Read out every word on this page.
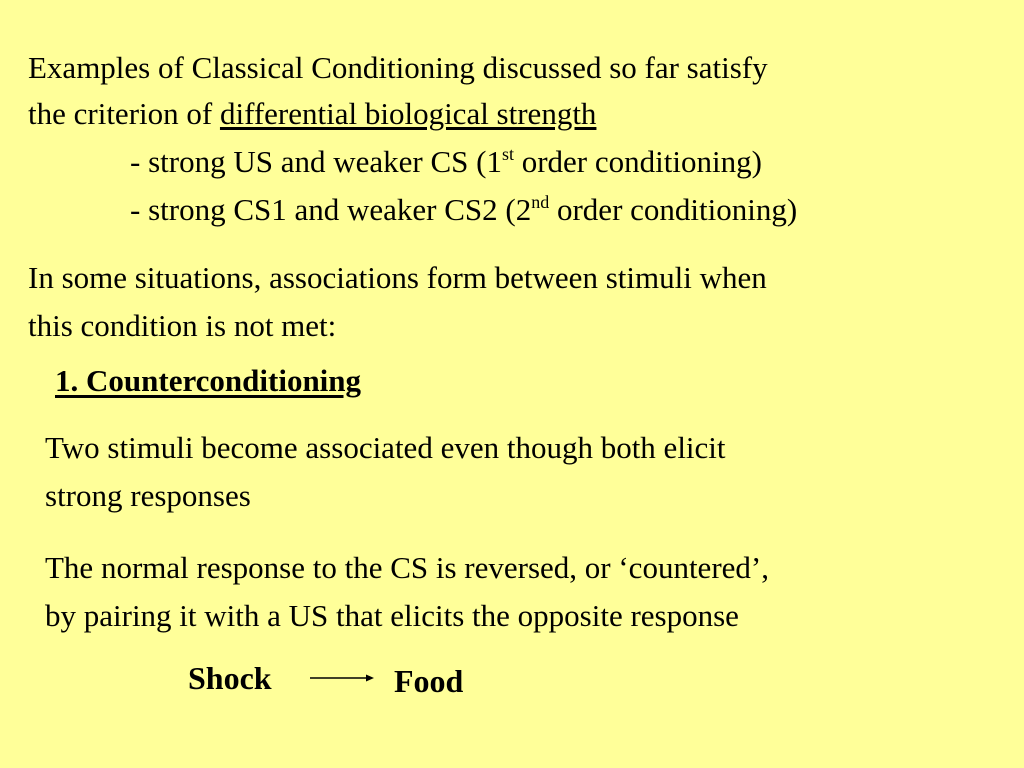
Examples of Classical Conditioning discussed so far satisfy
the criterion of differential biological strength
- strong US and weaker CS (1st order conditioning)
- strong CS1 and weaker CS2 (2nd order conditioning)
In some situations, associations form between stimuli when
this condition is not met:
1. Counterconditioning
Two stimuli become associated even though both elicit
strong responses
The normal response to the CS is reversed, or ‘countered’,
by pairing it with a US that elicits the opposite response
Shock	Food
